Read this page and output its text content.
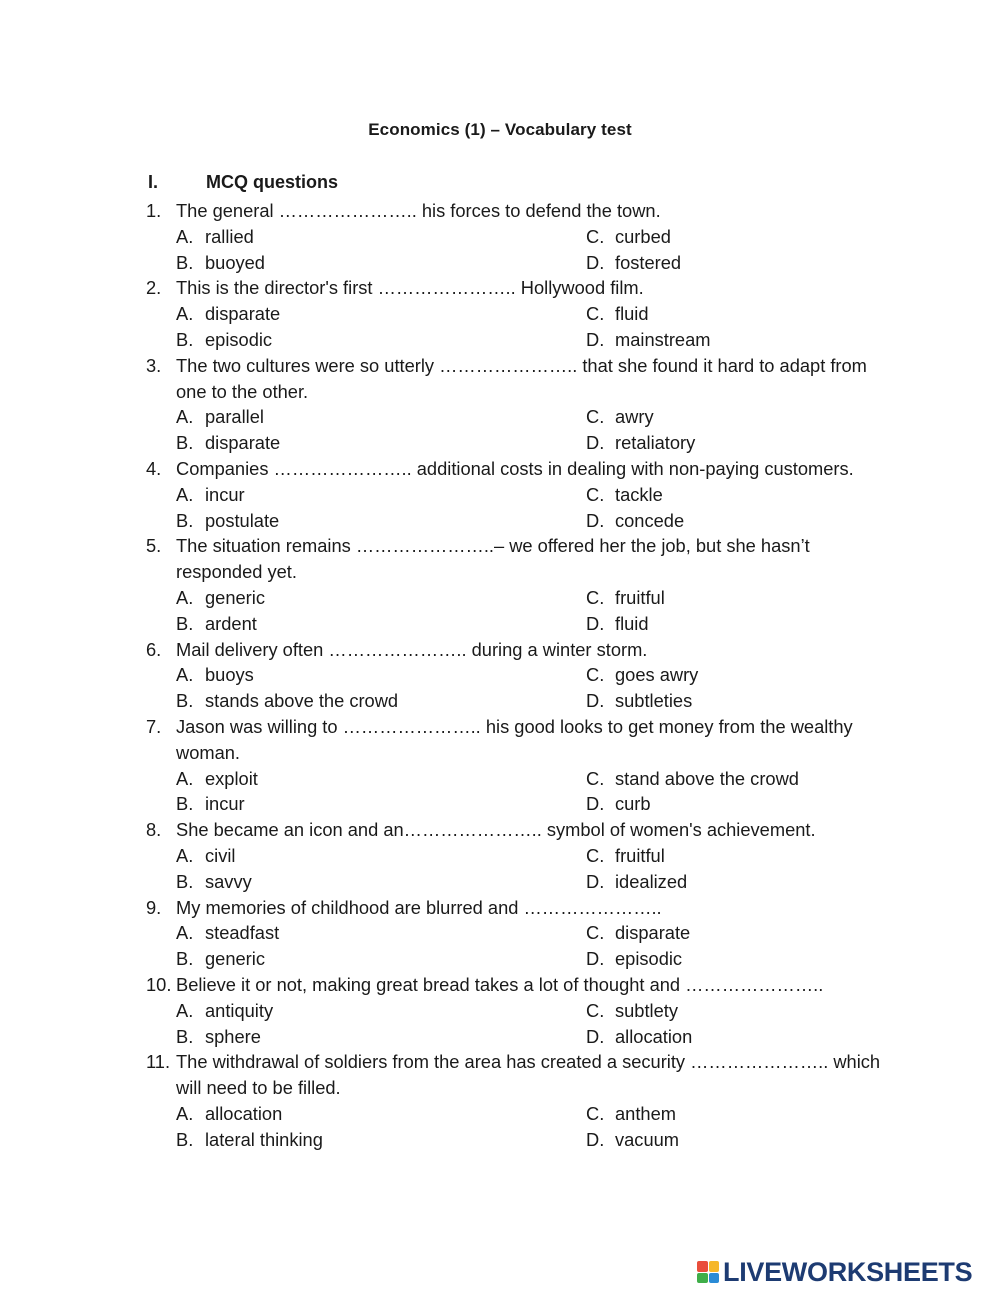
Economics (1) – Vocabulary test
I.	MCQ questions
1. The general ………………….. his forces to defend the town.
A. rallied	C. curbed
B. buoyed	D. fostered
2. This is the director's first ………………….. Hollywood film.
A. disparate	C. fluid
B. episodic	D. mainstream
3. The two cultures were so utterly ………………….. that she found it hard to adapt from one to the other.
A. parallel	C. awry
B. disparate	D. retaliatory
4. Companies ………………….. additional costs in dealing with non-paying customers.
A. incur	C. tackle
B. postulate	D. concede
5. The situation remains …………………..– we offered her the job, but she hasn’t responded yet.
A. generic	C. fruitful
B. ardent	D. fluid
6. Mail delivery often ………………….. during a winter storm.
A. buoys	C. goes awry
B. stands above the crowd	D. subtleties
7. Jason was willing to ………………….. his good looks to get money from the wealthy woman.
A. exploit	C. stand above the crowd
B. incur	D. curb
8. She became an icon and an………………….. symbol of women's achievement.
A. civil	C. fruitful
B. savvy	D. idealized
9. My memories of childhood are blurred and …………………..
A. steadfast	C. disparate
B. generic	D. episodic
10. Believe it or not, making great bread takes a lot of thought and …………………..
A. antiquity	C. subtlety
B. sphere	D. allocation
11. The withdrawal of soldiers from the area has created a security ………………….. which will need to be filled.
A. allocation	C. anthem
B. lateral thinking	D. vacuum
LIVEWORKSHEETS
